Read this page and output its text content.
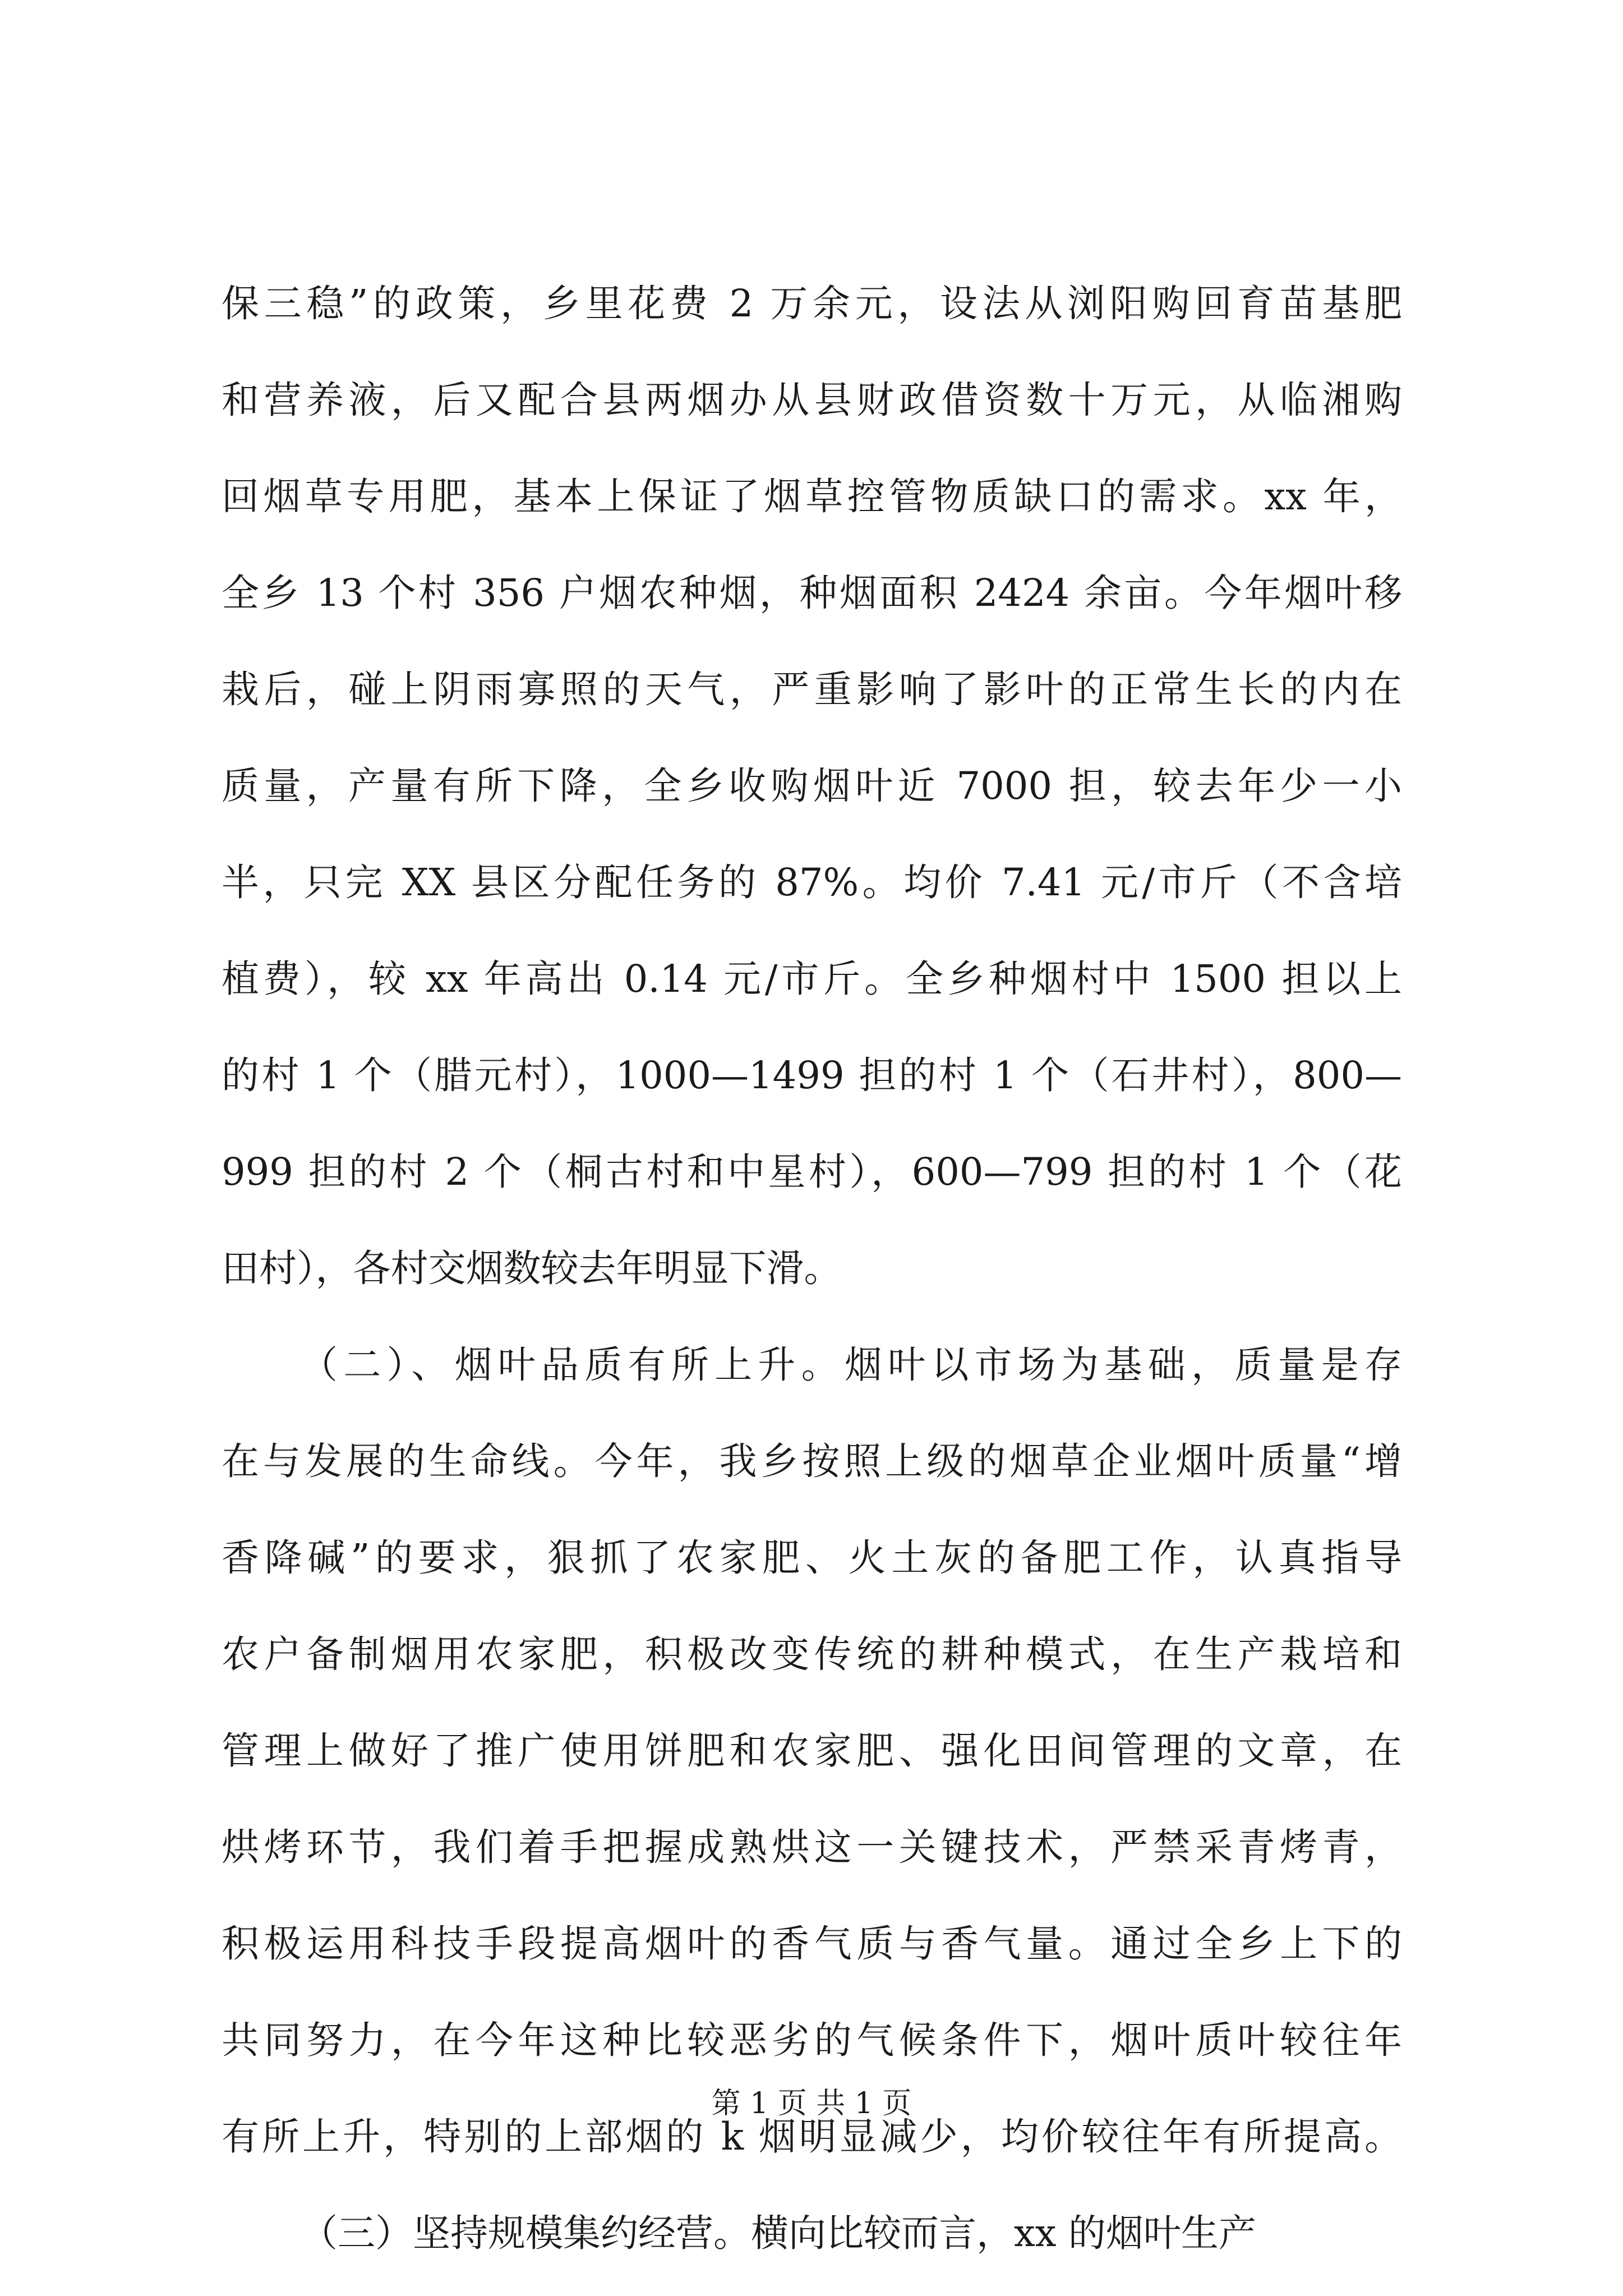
保三稳”的政策，乡里花费 2 万余元，设法从浏阳购回育苗基肥
和营养液，后又配合县两烟办从县财政借资数十万元，从临湘购
回烟草专用肥，基本上保证了烟草控管物质缺口的需求。xx 年，
全乡 13 个村 356 户烟农种烟，种烟面积 2424 余亩。今年烟叶移
栽后，碰上阴雨寡照的天气，严重影响了影叶的正常生长的内在
质量，产量有所下降，全乡收购烟叶近 7000 担，较去年少一小
半，只完 XX 县区分配任务的 87%。均价 7.41 元/市斤（不含培
植费），较 xx 年高出 0.14 元/市斤。全乡种烟村中 1500 担以上
的村 1 个（腊元村），1000—1499 担的村 1 个（石井村），800—
999 担的村 2 个（桐古村和中星村），600—799 担的村 1 个（花
田村），各村交烟数较去年明显下滑。
（二）、烟叶品质有所上升。烟叶以市场为基础，质量是存
在与发展的生命线。今年，我乡按照上级的烟草企业烟叶质量“增
香降碱”的要求，狠抓了农家肥、火土灰的备肥工作，认真指导
农户备制烟用农家肥，积极改变传统的耕种模式，在生产栽培和
管理上做好了推广使用饼肥和农家肥、强化田间管理的文章，在
烘烤环节，我们着手把握成熟烘这一关键技术，严禁采青烤青，
积极运用科技手段提高烟叶的香气质与香气量。通过全乡上下的
共同努力，在今年这种比较恶劣的气候条件下，烟叶质叶较往年
有所上升，特别的上部烟的 k 烟明显减少，均价较往年有所提高。
（三）坚持规模集约经营。横向比较而言，xx 的烟叶生产
第 1 页 共 1 页
